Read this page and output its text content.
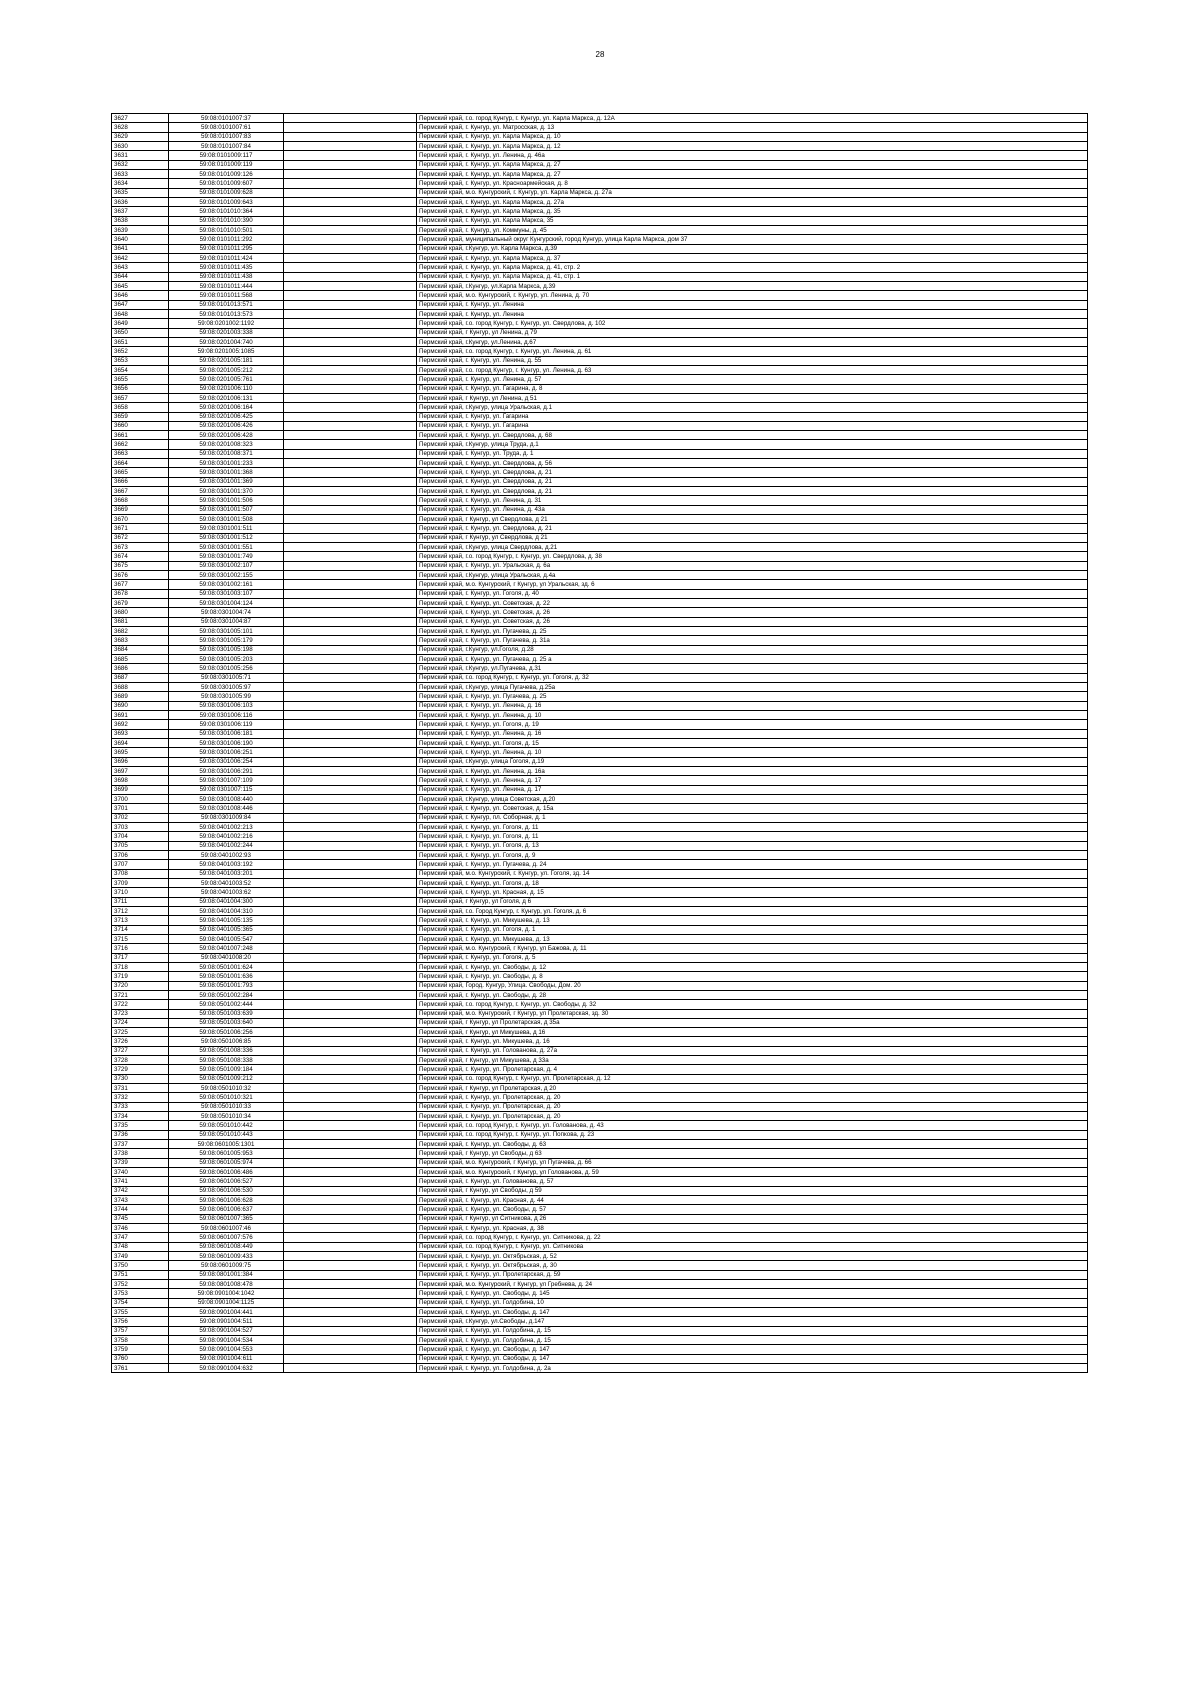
28
3627	59:08:0101007:37		Пермский край, г.о. город Кунгур, г. Кунгур, ул. Карла Маркса, д. 12А
3628	59:08:0101007:61		Пермский край, г. Кунгур, ул. Матросская, д. 13
3629	59:08:0101007:83		Пермский край, г. Кунгур, ул. Карла Маркса, д. 10
3630	59:08:0101007:84		Пермский край, г. Кунгур, ул. Карла Маркса, д. 12
3631	59:08:0101009:117		Пермский край, г. Кунгур, ул. Ленина, д. 46а
3632	59:08:0101009:119		Пермский край, г. Кунгур, ул. Карла Маркса, д. 27
3633	59:08:0101009:126		Пермский край, г. Кунгур, ул. Карла Маркса, д. 27
3634	59:08:0101009:607		Пермский край, г. Кунгур, ул. Красноармейская, д. 8
3635	59:08:0101009:628		Пермский край, м.о. Кунгурский, г. Кунгур, ул. Карла Маркса, д. 27а
3636	59:08:0101009:643		Пермский край, г. Кунгур, ул. Карла Маркса, д. 27а
3637	59:08:0101010:364		Пермский край, г. Кунгур, ул. Карла Маркса, д. 35
3638	59:08:0101010:390		Пермский край, г. Кунгур, ул. Карла Маркса, 35
3639	59:08:0101010:501		Пермский край, г. Кунгур, ул. Коммуны, д. 45
3640	59:08:0101011:292		Пермский край, муниципальный округ Кунгурский, город Кунгур, улица Карла Маркса, дом 37
3641	59:08:0101011:295		Пермский край, г.Кунгур, ул. Карла Маркса, д.39
3642	59:08:0101011:424		Пермский край, г. Кунгур, ул. Карла Маркса, д. 37
3643	59:08:0101011:435		Пермский край, г. Кунгур, ул. Карла Маркса, д. 41, стр. 2
3644	59:08:0101011:438		Пермский край, г. Кунгур, ул. Карла Маркса, д. 41, стр. 1
3645	59:08:0101011:444		Пермский край, г.Кунгур, ул.Карла Маркса, д.39
3646	59:08:0101011:568		Пермский край, м.о. Кунгурский, г. Кунгур, ул. Ленина, д. 70
3647	59:08:0101013:571		Пермский край, г. Кунгур, ул. Ленина
3648	59:08:0101013:573		Пермский край, г. Кунгур, ул. Ленина
3649	59:08:0201002:1192		Пермский край, г.о. город Кунгур, г. Кунгур, ул. Свердлова, д. 102
3650	59:08:0201003:338		Пермский край, г Кунгур, ул Ленина, д 79
3651	59:08:0201004:740		Пермский край, г.Кунгур, ул.Ленина, д.67
3652	59:08:0201005:1085		Пермский край, г.о. город Кунгур, г. Кунгур, ул. Ленина, д. 61
3653	59:08:0201005:181		Пермский край, г. Кунгур, ул. Ленина, д. 55
3654	59:08:0201005:212		Пермский край, г.о. город Кунгур, г. Кунгур, ул. Ленина, д. 63
3655	59:08:0201005:761		Пермский край, г. Кунгур, ул. Ленина, д. 57
3656	59:08:0201006:110		Пермский край, г. Кунгур, ул. Гагарина, д. 8
3657	59:08:0201006:131		Пермский край, г Кунгур, ул Ленина, д 51
3658	59:08:0201006:164		Пермский край, г.Кунгур, улица Уральская, д.1
3659	59:08:0201006:425		Пермский край, г. Кунгур, ул. Гагарина
3660	59:08:0201006:426		Пермский край, г. Кунгур, ул. Гагарина
3661	59:08:0201006:428		Пермский край, г. Кунгур, ул. Свердлова, д. 68
3662	59:08:0201008:323		Пермский край, г.Кунгур, улица Труда, д.1
3663	59:08:0201008:371		Пермский край, г. Кунгур, ул. Труда, д. 1
3664	59:08:0301001:233		Пермский край, г. Кунгур, ул. Свердлова, д. 56
3665	59:08:0301001:368		Пермский край, г. Кунгур, ул. Свердлова, д. 21
3666	59:08:0301001:369		Пермский край, г. Кунгур, ул. Свердлова, д. 21
3667	59:08:0301001:370		Пермский край, г. Кунгур, ул. Свердлова, д. 21
3668	59:08:0301001:506		Пермский край, г. Кунгур, ул. Ленина, д. 31
3669	59:08:0301001:507		Пермский край, г. Кунгур, ул. Ленина, д. 43а
3670	59:08:0301001:508		Пермский край, г Кунгур, ул Свердлова, д 21
3671	59:08:0301001:511		Пермский край, г. Кунгур, ул. Свердлова, д. 21
3672	59:08:0301001:512		Пермский край, г Кунгур, ул Свердлова, д 21
3673	59:08:0301001:551		Пермский край, г.Кунгур, улица Свердлова, д.21
3674	59:08:0301001:749		Пермский край, г.о. город Кунгур, г. Кунгур, ул. Свердлова, д. 38
3675	59:08:0301002:107		Пермский край, г. Кунгур, ул. Уральская, д. 6а
3676	59:08:0301002:155		Пермский край, г.Кунгур, улица Уральская, д.4а
3677	59:08:0301002:161		Пермский край, м.о. Кунгурский, г Кунгур, ул Уральская, зд. 6
3678	59:08:0301003:107		Пермский край, г. Кунгур, ул. Гоголя, д. 40
3679	59:08:0301004:124		Пермский край, г. Кунгур, ул. Советская, д. 22
3680	59:08:0301004:74		Пермский край, г. Кунгур, ул. Советская, д. 26
3681	59:08:0301004:87		Пермский край, г. Кунгур, ул. Советская, д. 26
3682	59:08:0301005:101		Пермский край, г. Кунгур, ул. Пугачева, д. 25
3683	59:08:0301005:179		Пермский край, г. Кунгур, ул. Пугачева, д. 31а
3684	59:08:0301005:198		Пермский край, г.Кунгур, ул.Гоголя, д.28
3685	59:08:0301005:203		Пермский край, г. Кунгур, ул. Пугачева, д. 25 а
3686	59:08:0301005:256		Пермский край, г.Кунгур, ул.Пугачева, д.31
3687	59:08:0301005:71		Пермский край, г.о. город Кунгур, г. Кунгур, ул. Гоголя, д. 32
3688	59:08:0301005:97		Пермский край, г.Кунгур, улица Пугачева, д.25а
3689	59:08:0301005:99		Пермский край, г. Кунгур, ул. Пугачева, д. 25
3690	59:08:0301006:103		Пермский край, г. Кунгур, ул. Ленина, д. 16
3691	59:08:0301006:116		Пермский край, г. Кунгур, ул. Ленина, д. 10
3692	59:08:0301006:119		Пермский край, г. Кунгур, ул. Гоголя, д. 19
3693	59:08:0301006:181		Пермский край, г. Кунгур, ул. Ленина, д. 16
3694	59:08:0301006:190		Пермский край, г. Кунгур, ул. Гоголя, д. 15
3695	59:08:0301006:251		Пермский край, г. Кунгур, ул. Ленина, д. 10
3696	59:08:0301006:254		Пермский край, г.Кунгур, улица Гоголя, д.19
3697	59:08:0301006:291		Пермский край, г. Кунгур, ул. Ленина, д. 16а
3698	59:08:0301007:109		Пермский край, г. Кунгур, ул. Ленина, д. 17
3699	59:08:0301007:115		Пермский край, г. Кунгур, ул. Ленина, д. 17
3700	59:08:0301008:440		Пермский край, г.Кунгур, улица Советская, д.20
3701	59:08:0301008:446		Пермский край, г. Кунгур, ул. Советская, д. 15а
3702	59:08:0301009:84		Пермский край, г. Кунгур, пл. Соборная, д. 1
3703	59:08:0401002:213		Пермский край, г. Кунгур, ул. Гоголя, д. 11
3704	59:08:0401002:216		Пермский край, г. Кунгур, ул. Гоголя, д. 11
3705	59:08:0401002:244		Пермский край, г. Кунгур, ул. Гоголя, д. 13
3706	59:08:0401002:93		Пермский край, г. Кунгур, ул. Гоголя, д. 9
3707	59:08:0401003:192		Пермский край, г. Кунгур, ул. Пугачева, д. 24
3708	59:08:0401003:201		Пермский край, м.о. Кунгурский, г. Кунгур, ул. Гоголя, зд. 14
3709	59:08:0401003:52		Пермский край, г. Кунгур, ул. Гоголя, д. 18
3710	59:08:0401003:62		Пермский край, г. Кунгур, ул. Красная, д. 15
3711	59:08:0401004:300		Пермский край, г Кунгур, ул Гоголя, д 6
3712	59:08:0401004:310		Пермский край, г.о. Город Кунгур, г. Кунгур, ул. Гоголя, д. 6
3713	59:08:0401005:135		Пермский край, г. Кунгур, ул. Микушева, д. 13
3714	59:08:0401005:365		Пермский край, г. Кунгур, ул. Гоголя, д. 1
3715	59:08:0401005:547		Пермский край, г. Кунгур, ул. Микушева, д. 13
3716	59:08:0401007:248		Пермский край, м.о. Кунгурский, г Кунгур, ул Бажова, д. 11
3717	59:08:0401008:20		Пермский край, г. Кунгур, ул. Гоголя, д. 5
3718	59:08:0501001:624		Пермский край, г. Кунгур, ул. Свободы, д. 12
3719	59:08:0501001:636		Пермский край, г. Кунгур, ул. Свободы, д. 8
3720	59:08:0501001:793		Пермский край, Город. Кунгур, Улица. Свободы, Дом. 20
3721	59:08:0501002:284		Пермский край, г. Кунгур, ул. Свободы, д. 28
3722	59:08:0501002:444		Пермский край, г.о. город Кунгур, г. Кунгур, ул. Свободы, д. 32
3723	59:08:0501003:639		Пермский край, м.о. Кунгурский, г Кунгур, ул Пролетарская, зд. 30
3724	59:08:0501003:640		Пермский край, г Кунгур, ул Пролетарская, д 35а
3725	59:08:0501006:256		Пермский край, г Кунгур, ул Микушева, д 16
3726	59:08:0501006:85		Пермский край, г. Кунгур, ул. Микушева, д. 16
3727	59:08:0501008:336		Пермский край, г. Кунгур, ул. Голованова, д. 27а
3728	59:08:0501008:338		Пермский край, г Кунгур, ул Микушева, д 33а
3729	59:08:0501009:184		Пермский край, г. Кунгур, ул. Пролетарская, д. 4
3730	59:08:0501009:212		Пермский край, г.о. город Кунгур, г. Кунгур, ул. Пролетарская, д. 12
3731	59:08:0501010:32		Пермский край, г Кунгур, ул Пролетарская, д 20
3732	59:08:0501010:321		Пермский край, г. Кунгур, ул. Пролетарская, д. 20
3733	59:08:0501010:33		Пермский край, г. Кунгур, ул. Пролетарская, д. 20
3734	59:08:0501010:34		Пермский край, г. Кунгур, ул. Пролетарская, д. 20
3735	59:08:0501010:442		Пермский край, г.о. город Кунгур, г. Кунгур, ул. Голованова, д. 43
3736	59:08:0501010:443		Пермский край, г.о. город Кунгур, г. Кунгур, ул. Попкова, д. 23
3737	59:08:0601005:1301		Пермский край, г. Кунгур, ул. Свободы, д. 63
3738	59:08:0601005:953		Пермский край, г Кунгур, ул Свободы, д 63
3739	59:08:0601005:974		Пермский край, м.о. Кунгурский, г Кунгур, ул Пугачева, д. 66
3740	59:08:0601006:486		Пермский край, м.о. Кунгурский, г Кунгур, ул Голованова, д. 59
3741	59:08:0601006:527		Пермский край, г. Кунгур, ул. Голованова, д. 57
3742	59:08:0601006:530		Пермский край, г Кунгур, ул Свободы, д 59
3743	59:08:0601006:628		Пермский край, г. Кунгур, ул. Красная, д. 44
3744	59:08:0601006:637		Пермский край, г. Кунгур, ул. Свободы, д. 57
3745	59:08:0601007:365		Пермский край, г Кунгур, ул Ситникова, д 26
3746	59:08:0601007:46		Пермский край, г. Кунгур, ул. Красная, д. 38
3747	59:08:0601007:576		Пермский край, г.о. город Кунгур, г. Кунгур, ул. Ситникова, д. 22
3748	59:08:0601008:449		Пермский край, г.о. город Кунгур, г. Кунгур, ул. Ситникова
3749	59:08:0601009:433		Пермский край, г. Кунгур, ул. Октябрьская, д. 52
3750	59:08:0601009:75		Пермский край, г. Кунгур, ул. Октябрьская, д. 30
3751	59:08:0801001:384		Пермский край, г. Кунгур, ул. Пролетарская, д. 59
3752	59:08:0801008:478		Пермский край, м.о. Кунгурский, г Кунгур, ул Гребнева, д. 24
3753	59:08:0901004:1042		Пермский край, г. Кунгур, ул. Свободы, д. 145
3754	59:08:0901004:1125		Пермский край, г. Кунгур, ул. Голдобина, 10
3755	59:08:0901004:441		Пермский край, г. Кунгур, ул. Свободы, д. 147
3756	59:08:0901004:511		Пермский край, г.Кунгур, ул.Свободы, д.147
3757	59:08:0901004:527		Пермский край, г. Кунгур, ул. Голдобина, д. 15
3758	59:08:0901004:534		Пермский край, г. Кунгур, ул. Голдобина, д. 15
3759	59:08:0901004:553		Пермский край, г. Кунгур, ул. Свободы, д. 147
3760	59:08:0901004:611		Пермский край, г. Кунгур, ул. Свободы, д. 147
3761	59:08:0901004:632		Пермский край, г. Кунгур, ул. Голдобина, д. 2а
